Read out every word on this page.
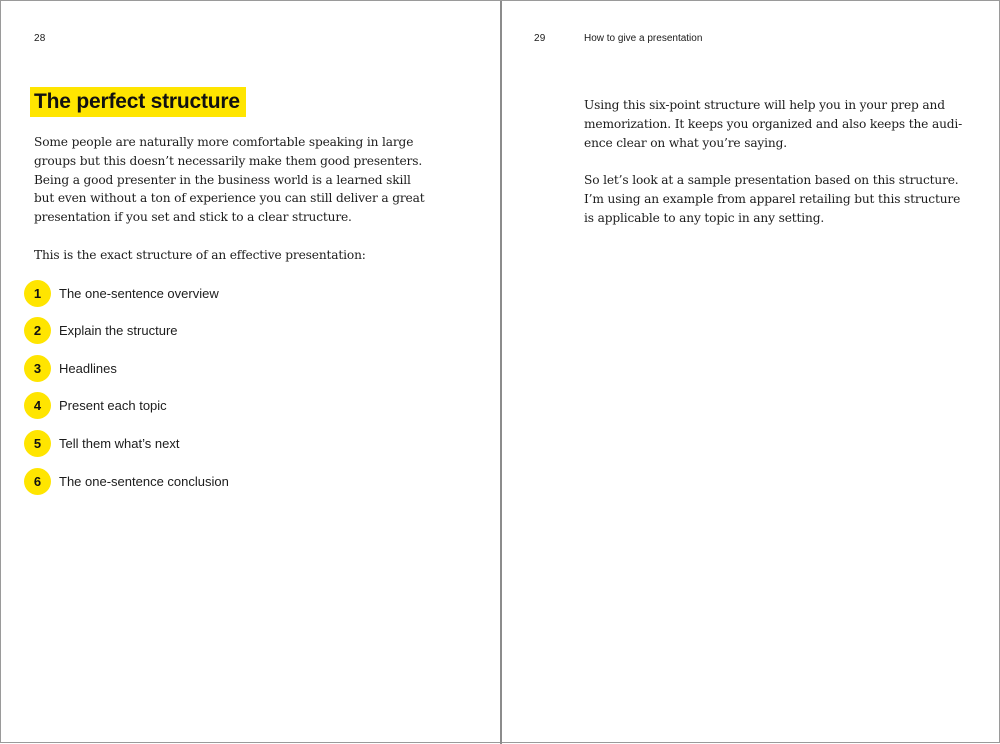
28
The perfect structure

Some people are naturally more comfortable speaking in large
groups but this doesn’t necessarily make them good presenters.
Being a good presenter in the business world is a learned skill
but even without a ton of experience you can still deliver a great
presentation if you set and stick to a clear structure.

This is the exact structure of an effective presentation:

1	The one-sentence overview
2	Explain the structure
3	Headlines
4	Present each topic
5	Tell them what’s next
6	The one-sentence conclusion
29	How to give a presentation

Using this six-point structure will help you in your prep and
memorization. It keeps you organized and also keeps the audi-
ence clear on what you’re saying.

So let’s look at a sample presentation based on this structure.
I’m using an example from apparel retailing but this structure
is applicable to any topic in any setting.
